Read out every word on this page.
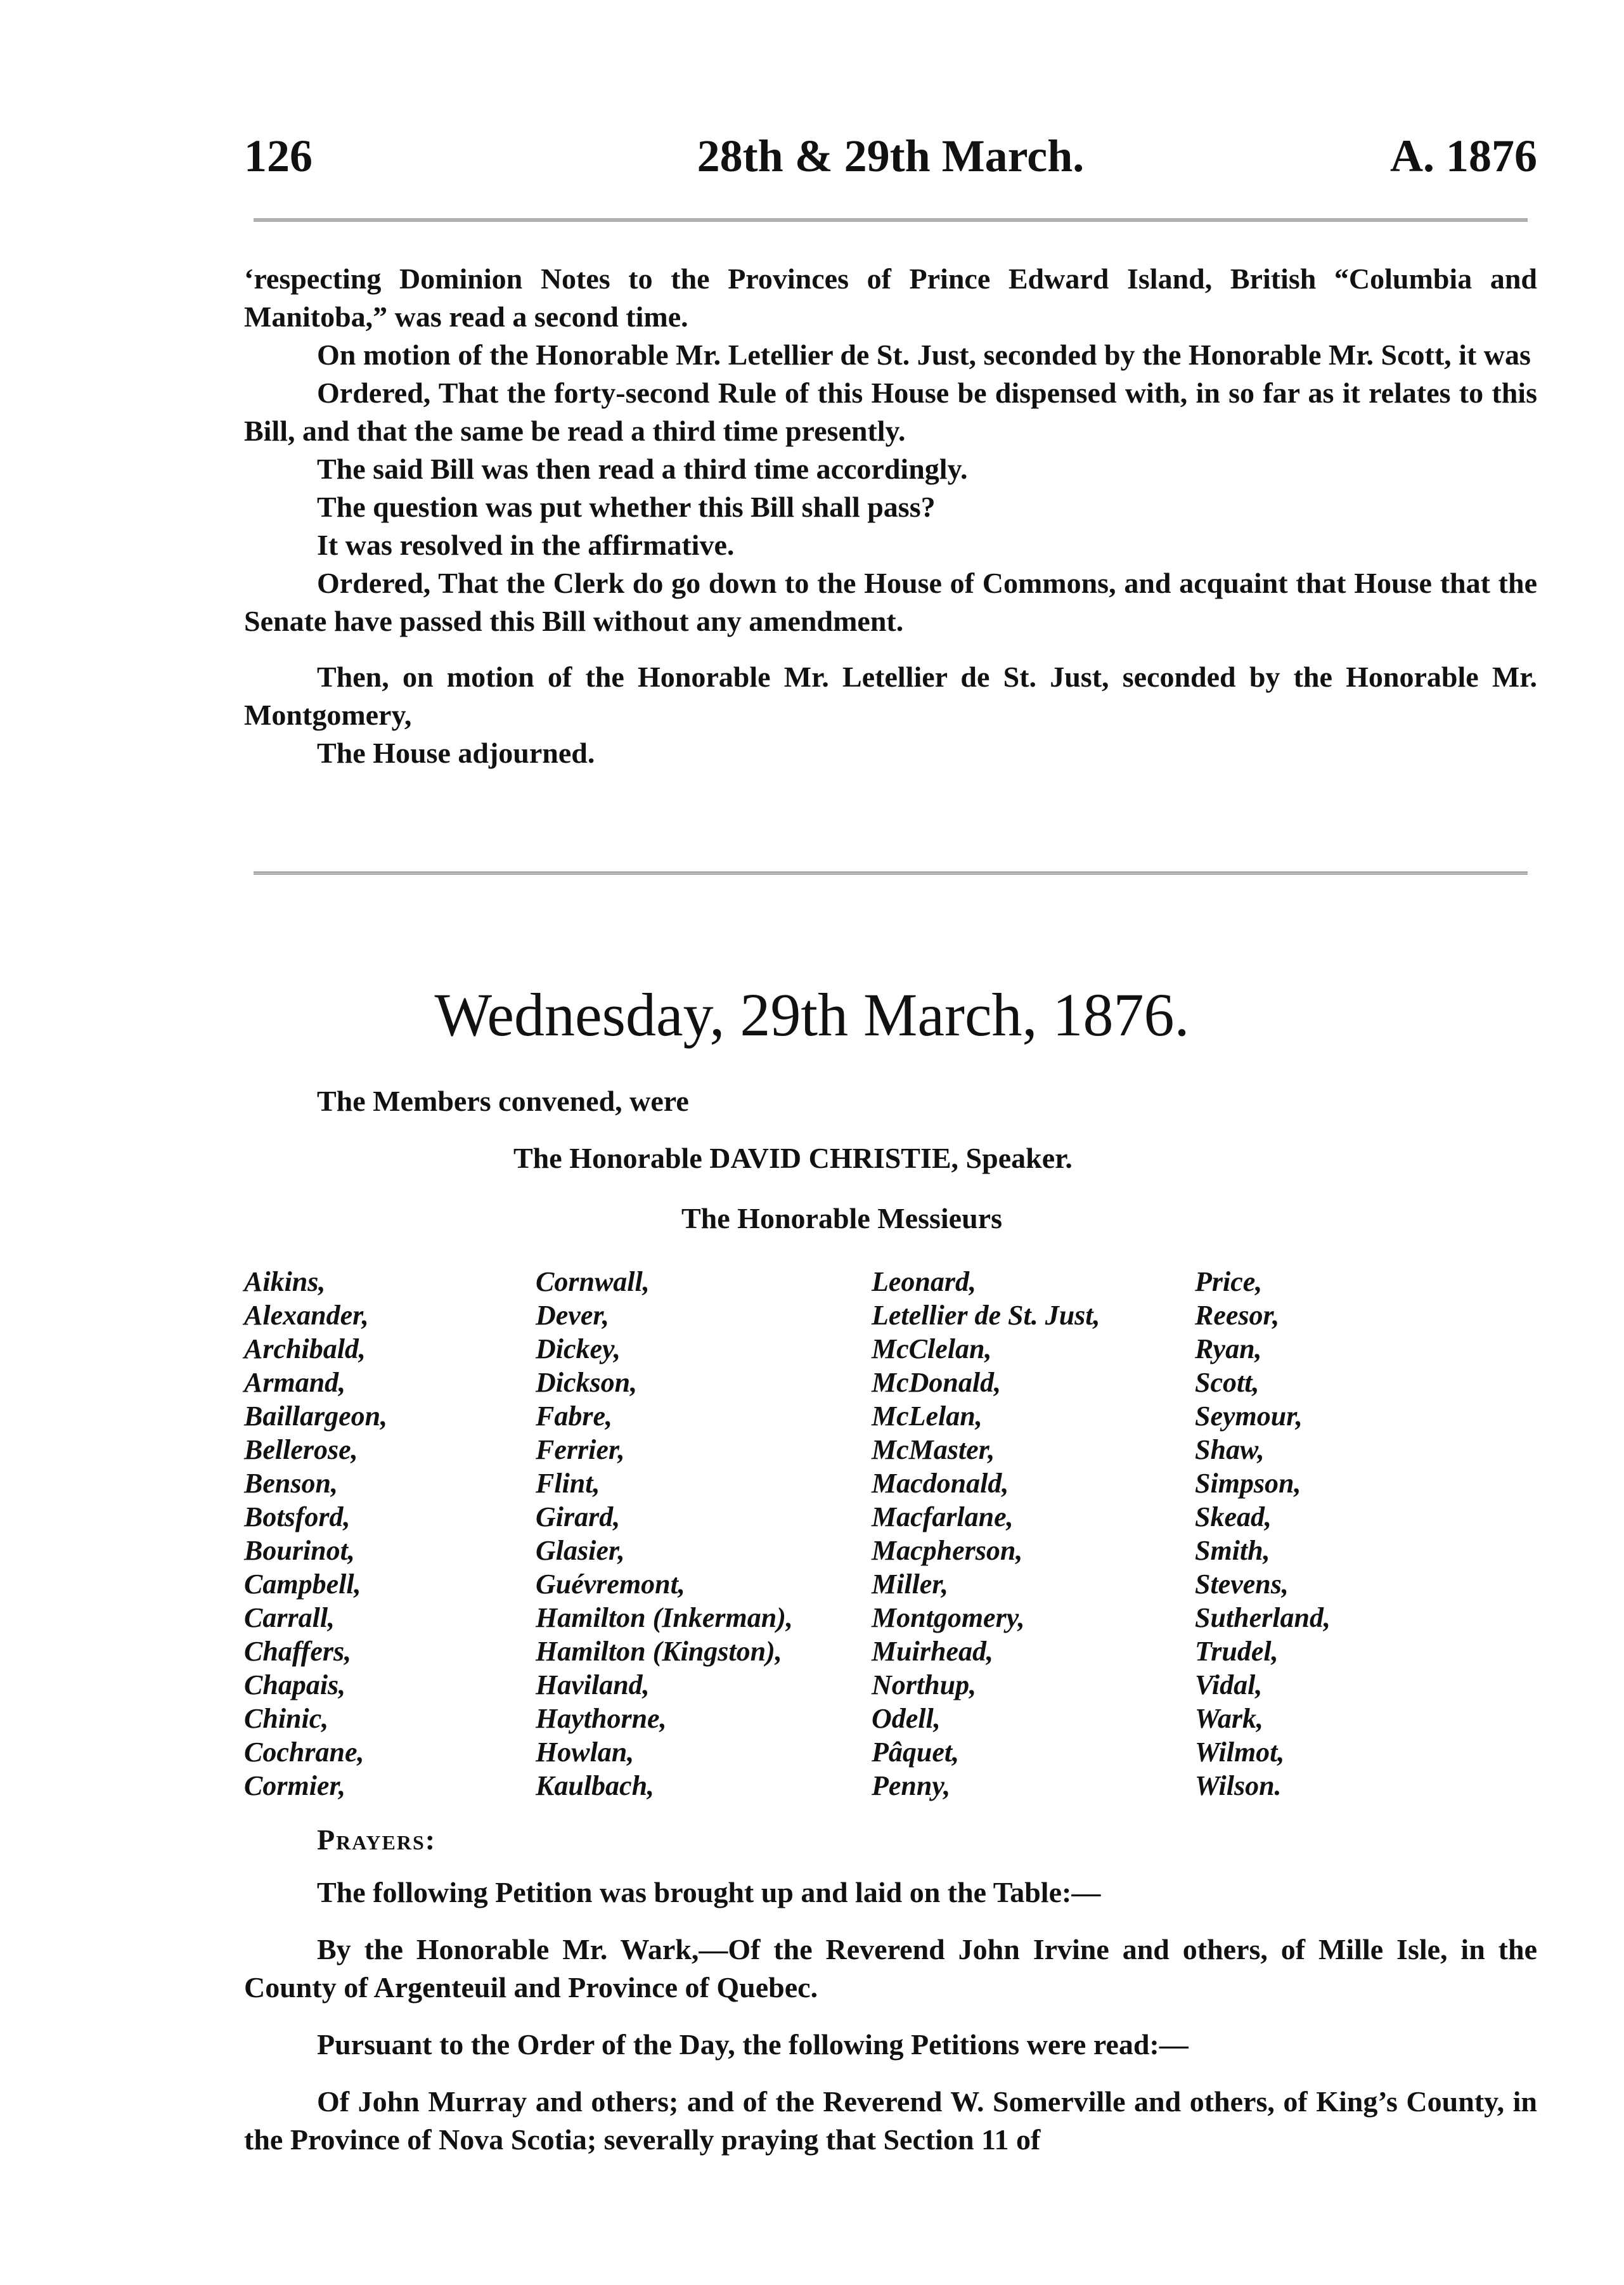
126	28th & 29th March.	A. 1876

‘respecting Dominion Notes to the Provinces of Prince Edward Island, British “Columbia and Manitoba,” was read a second time.

On motion of the Honorable Mr. Letellier de St. Just, seconded by the Honorable Mr. Scott, it was

Ordered, That the forty-second Rule of this House be dispensed with, in so far as it relates to this Bill, and that the same be read a third time presently.

The said Bill was then read a third time accordingly.

The question was put whether this Bill shall pass?

It was resolved in the affirmative.

Ordered, That the Clerk do go down to the House of Commons, and acquaint that House that the Senate have passed this Bill without any amendment.

Then, on motion of the Honorable Mr. Letellier de St. Just, seconded by the Honorable Mr. Montgomery,

The House adjourned.

Wednesday, 29th March, 1876.
The Members convened, were
The Honorable DAVID CHRISTIE, Speaker.
The Honorable Messieurs
Aikins,
Alexander,
Archibald,
Armand,
Baillargeon,
Bellerose,
Benson,
Botsford,
Bourinot,
Campbell,
Carrall,
Chaffers,
Chapais,
Chinic,
Cochrane,
Cormier,
Cornwall,
Dever,
Dickey,
Dickson,
Fabre,
Ferrier,
Flint,
Girard,
Glasier,
Guévremont,
Hamilton (Inkerman),
Hamilton (Kingston),
Haviland,
Haythorne,
Howlan,
Kaulbach,
Leonard,
Letellier de St. Just,
McClelan,
McDonald,
McLelan,
McMaster,
Macdonald,
Macfarlane,
Macpherson,
Miller,
Montgomery,
Muirhead,
Northup,
Odell,
Pâquet,
Penny,
Price,
Reesor,
Ryan,
Scott,
Seymour,
Shaw,
Simpson,
Skead,
Smith,
Stevens,
Sutherland,
Trudel,
Vidal,
Wark,
Wilmot,
Wilson.
Prayers:

The following Petition was brought up and laid on the Table:—

By the Honorable Mr. Wark,—Of the Reverend John Irvine and others, of Mille Isle, in the County of Argenteuil and Province of Quebec.

Pursuant to the Order of the Day, the following Petitions were read:—

Of John Murray and others; and of the Reverend W. Somerville and others, of King’s County, in the Province of Nova Scotia; severally praying that Section 11 of
